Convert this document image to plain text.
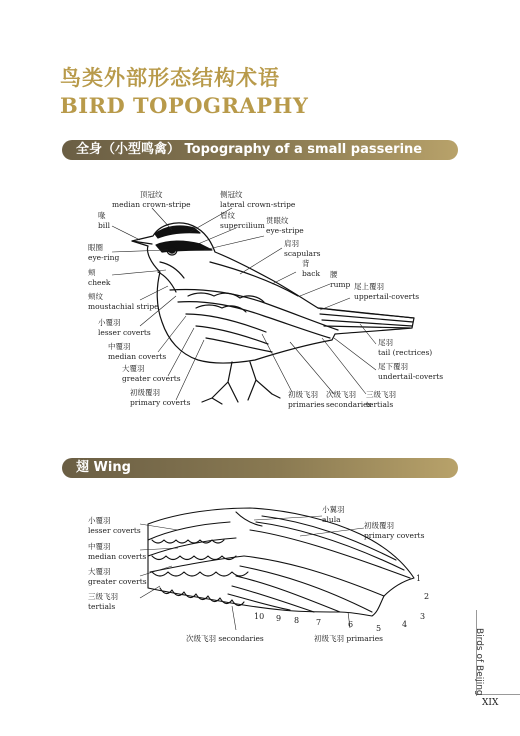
鸟类外部形态结构术语
BIRD TOPOGRAPHY
全身（小型鸣禽） Topography of a small passerine
翅 Wing
顶冠纹
median crown-stripe
侧冠纹
lateral crown-stripe
喙
bill
眉纹
supercilium 贯眼纹
eye-stripe
眼圈
eye-ring
肩羽
scapulars
背
back
颊
cheek
腰
rump 尾上覆羽
uppertail-coverts
颊纹
moustachial stripe
小覆羽
lesser coverts
中覆羽
median coverts
大覆羽
greater coverts
初级覆羽
primary coverts
初级飞羽
primaries
次级飞羽
secondaries
三级飞羽
tertials
尾羽
tail (rectrices)
尾下覆羽
undertail-coverts
小覆羽
lesser coverts
中覆羽
median coverts
大覆羽
greater coverts
三级飞羽
tertials
小翼羽
alula
初级覆羽
primary coverts
次级飞羽 secondaries	初级飞羽 primaries
1
2
3
4
5
6
7
8
9
10
Birds of Beijing
XIX
